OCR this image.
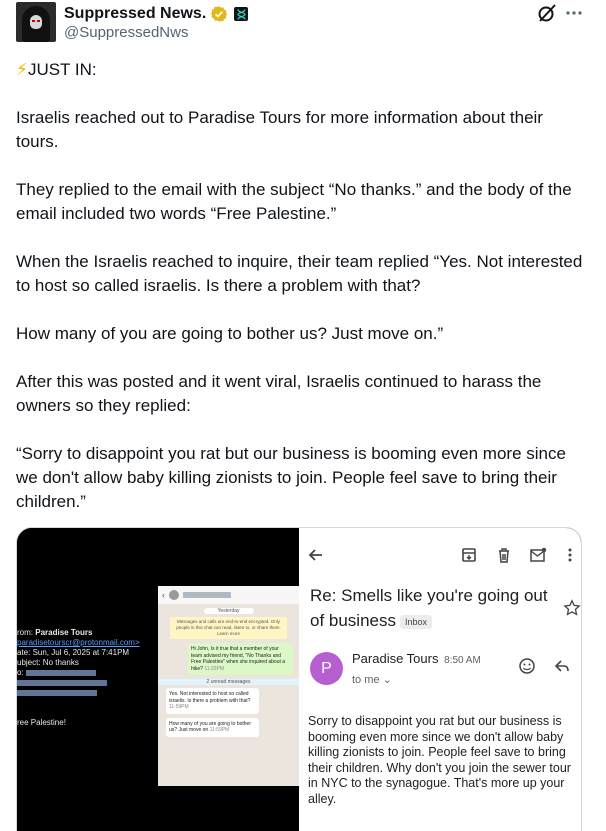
Suppressed News.
@SuppressedNws

⚡JUST IN:

Israelis reached out to Paradise Tours for more information about their tours.

They replied to the email with the subject “No thanks.” and the body of the email included two words “Free Palestine.”

When the Israelis reached to inquire, their team replied “Yes. Not interested to host so called israelis. Is there a problem with that?

How many of you are going to bother us? Just move on.”

After this was posted and it went viral, Israelis continued to harass the owners so they replied:

“Sorry to disappoint you rat but our business is booming even more since we don't allow baby killing zionists to join. People feel save to bring their children.”

rom: Paradise Tours
paradisetourscr@protonmail.com>
ate: Sun, Jul 6, 2025 at 7:41PM
ubject: No thanks
o:
ree Palestine!
‹
Yesterday
Messages and calls are end-to-end encrypted. Only people in this chat can read, listen to, or share them. Learn more
Hi John, Is it true that a member of your team advised my friend, "No Thanks and Free Palestine" when she inquired about a hike? 11:32PM
2 unread messages
Yes. Not interested to host so called israelis. Is there a problem with that? 11:59PM
How many of you are going to bother us? Just move on 11:59PM
Re: Smells like you're going out of business Inbox
P
Paradise Tours 8:50 AM
to me ⌄
Sorry to disappoint you rat but our business is booming even more since we don't allow baby killing zionists to join. People feel save to bring their children. Why don't you join the sewer tour in NYC to the synagogue. That's more up your alley.
